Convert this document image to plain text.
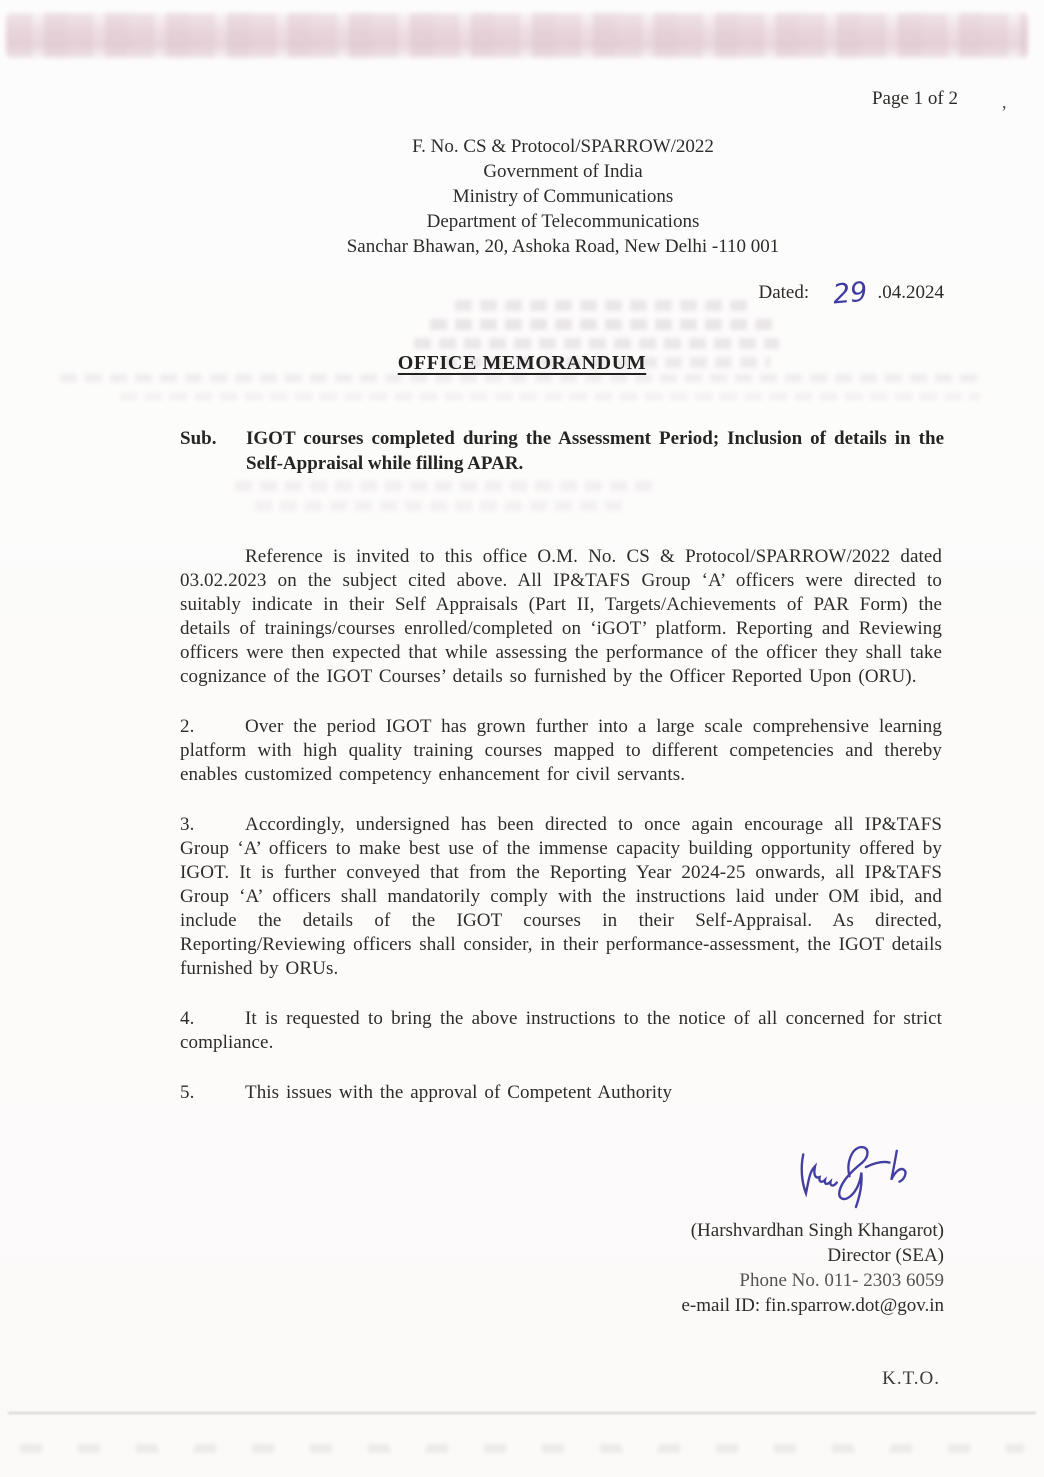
Page 1 of 2 ,
F. No. CS & Protocol/SPARROW/2022
Government of India
Ministry of Communications
Department of Telecommunications
Sanchar Bhawan, 20, Ashoka Road, New Delhi -110 001
Dated: 29 .04.2024
OFFICE MEMORANDUM
Sub.	IGOT courses completed during the Assessment Period; Inclusion of details in the Self-Appraisal while filling APAR.

Reference is invited to this office O.M. No. CS & Protocol/SPARROW/2022 dated 03.02.2023 on the subject cited above. All IP&TAFS Group ‘A’ officers were directed to suitably indicate in their Self Appraisals (Part II, Targets/Achievements of PAR Form) the details of trainings/courses enrolled/completed on ‘iGOT’ platform. Reporting and Reviewing officers were then expected that while assessing the performance of the officer they shall take cognizance of the IGOT Courses’ details so furnished by the Officer Reported Upon (ORU).

2.	Over the period IGOT has grown further into a large scale comprehensive learning platform with high quality training courses mapped to different competencies and thereby enables customized competency enhancement for civil servants.

3.	Accordingly, undersigned has been directed to once again encourage all IP&TAFS Group ‘A’ officers to make best use of the immense capacity building opportunity offered by IGOT. It is further conveyed that from the Reporting Year 2024-25 onwards, all IP&TAFS Group ‘A’ officers shall mandatorily comply with the instructions laid under OM ibid, and include the details of the IGOT courses in their Self-Appraisal. As directed, Reporting/Reviewing officers shall consider, in their performance-assessment, the IGOT details furnished by ORUs.

4.	It is requested to bring the above instructions to the notice of all concerned for strict compliance.

5.	This issues with the approval of Competent Authority

(Harshvardhan Singh Khangarot)
Director (SEA)
Phone No. 011- 2303 6059
e-mail ID: fin.sparrow.dot@gov.in
K.T.O.
